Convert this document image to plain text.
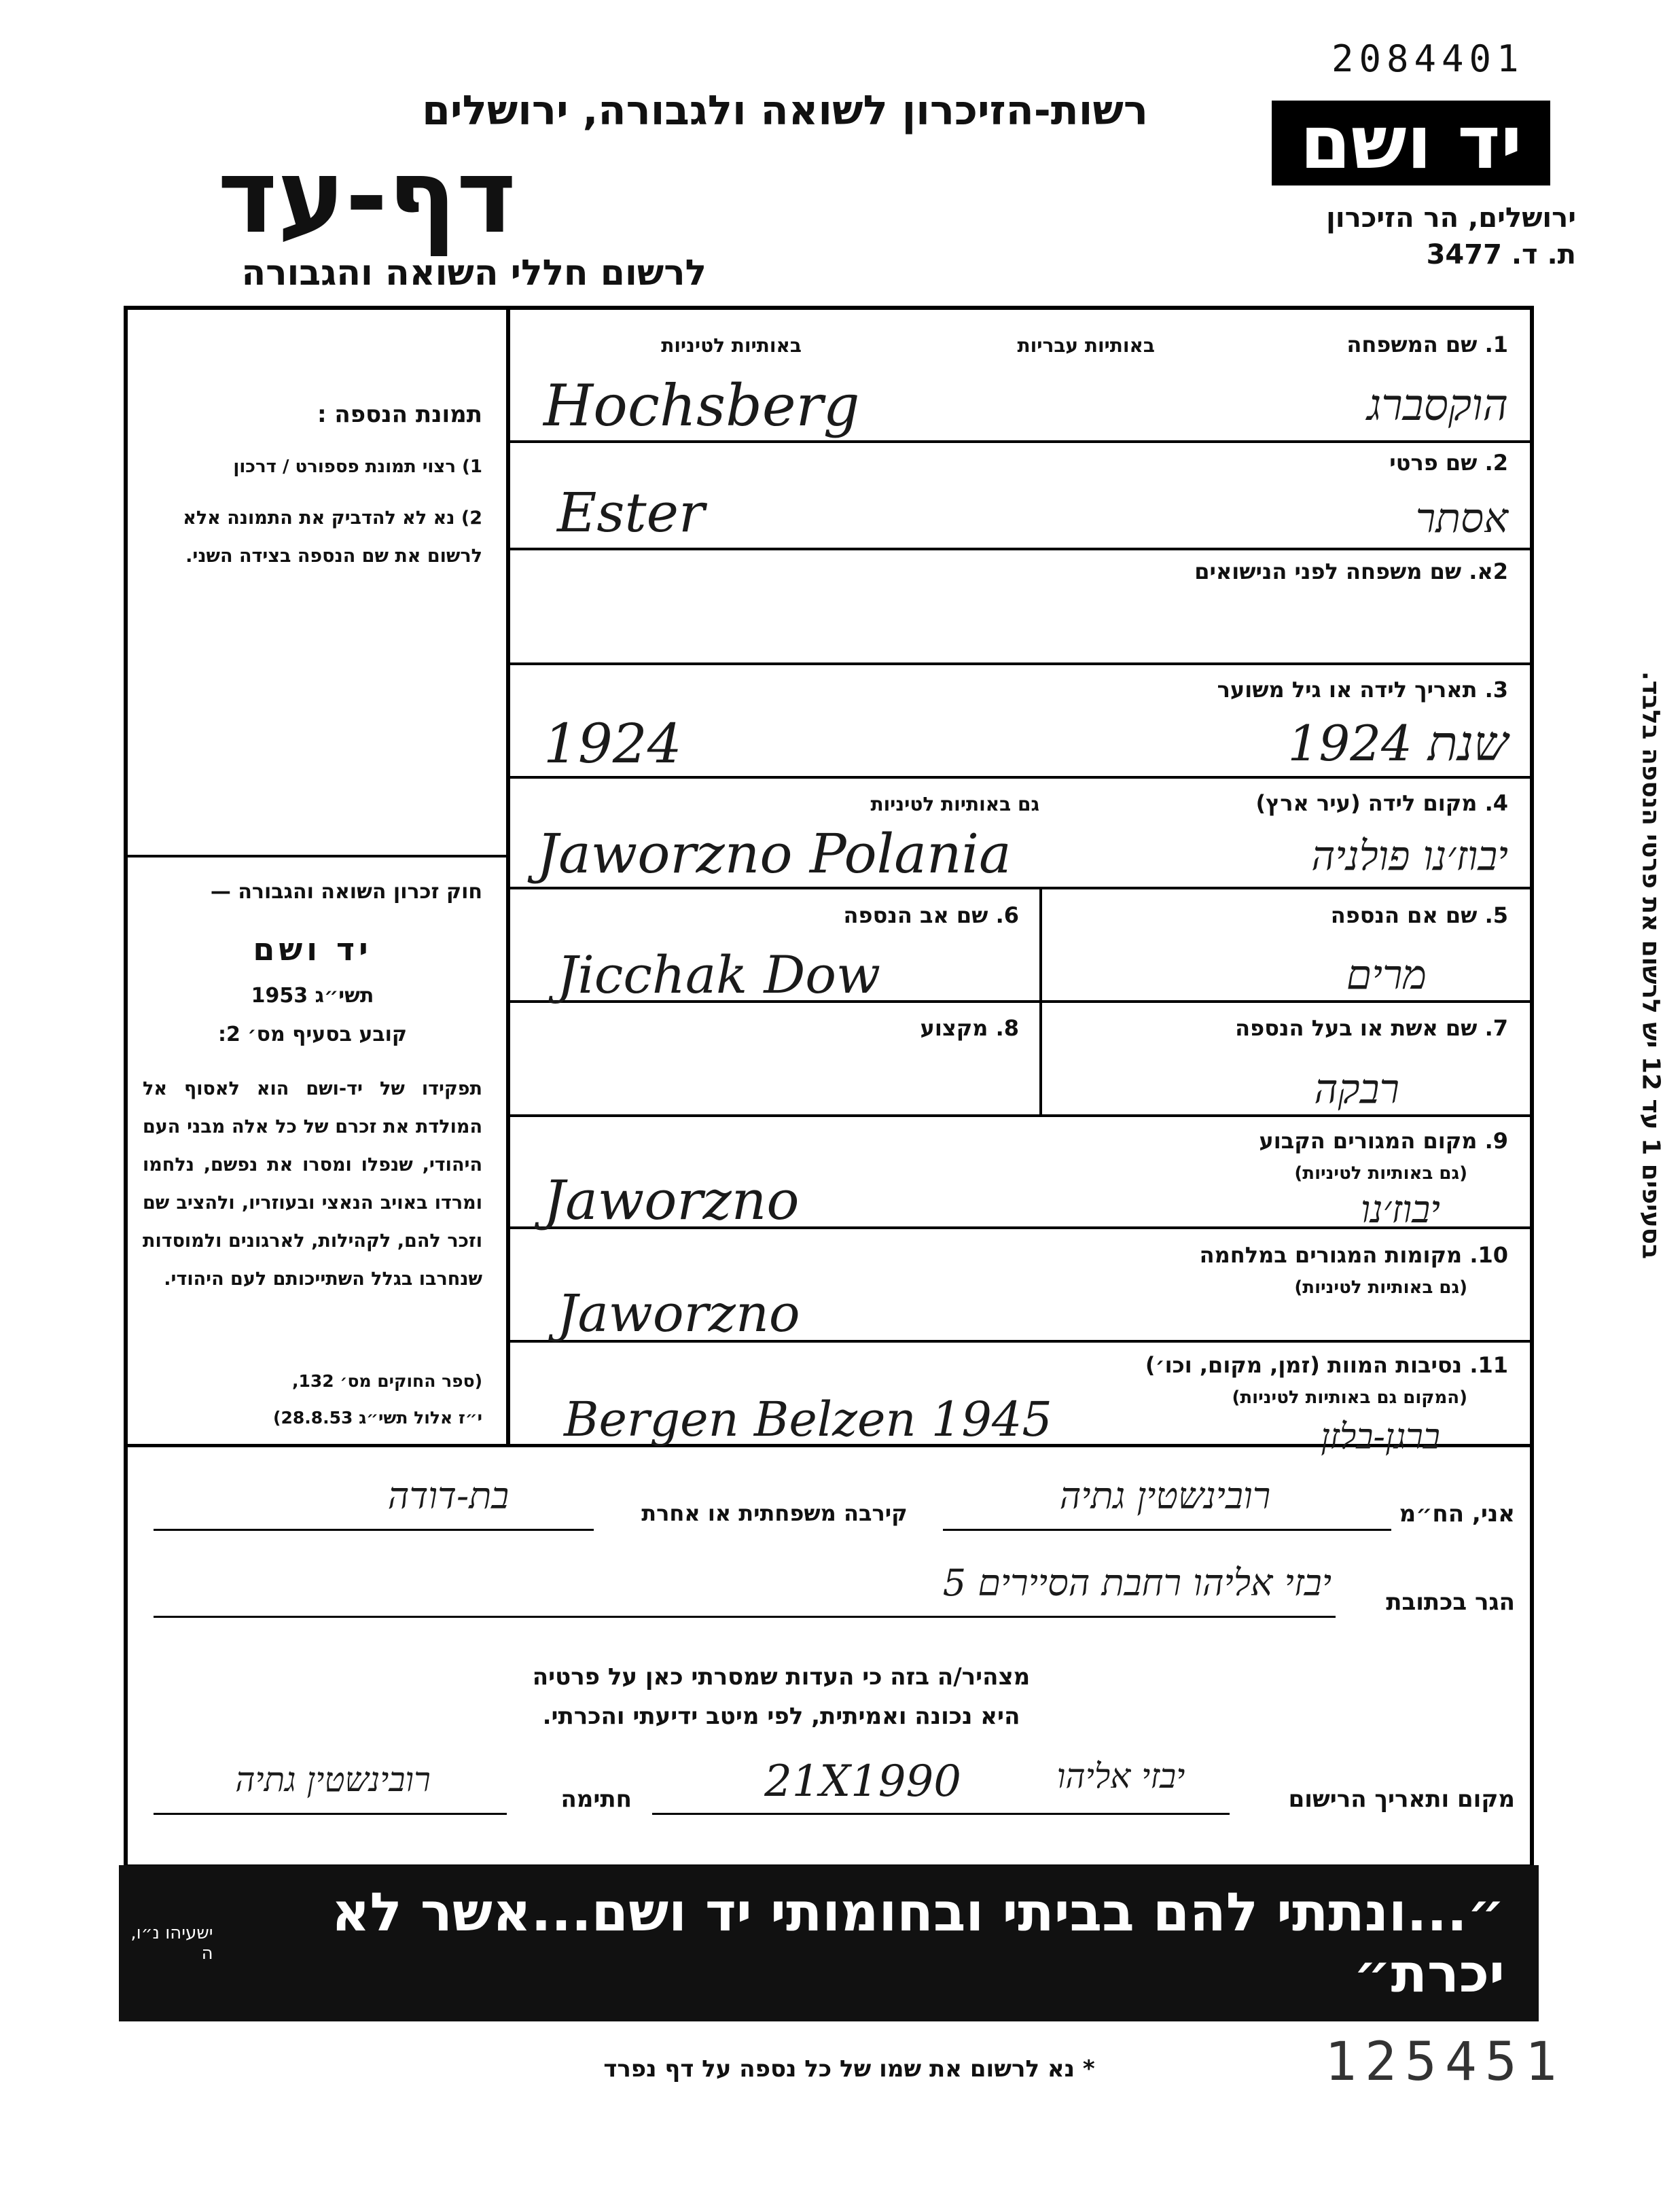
2084401
רשות-הזיכרון לשואה ולגבורה, ירושלים
דף-עד
לרשום חללי השואה והגבורה
יד ושם
ירושלים, הר הזיכרון
ת. ד. 3477
תמונת הנספה :
1) רצוי תמונת פספורט / דרכון
2) נא לא להדביק את התמונה אלא לרשום את שם הנספה בצידה השני.
חוק זכרון השואה והגבורה —
יד ושם
תשי״ג 1953
קובע בסעיף מס׳ 2:
תפקידו של יד-ושם הוא לאסוף אל המולדת את זכרם של כל אלה מבני העם היהודי, שנפלו ומסרו את נפשם, נלחמו ומרדו באויב הנאצי ובעוזריו, ולהציב שם וזכר להם, לקהילות, לארגונים ולמוסדות שנחרבו בגלל השתייכותם לעם היהודי.
(ספר החוקים מס׳ 132,
י״ז אלול תשי״ג 28.8.53)
1. שם המשפחה
באותיות עבריות
באותיות לטיניות
הוקסברג
Hochsberg
2. שם פרטי
אסתר
Ester
2א. שם משפחה לפני הנישואים
3. תאריך לידה או גיל משוער
שנת 1924
1924
4. מקום לידה (עיר ארץ)
גם באותיות לטיניות
יבוז׳נו פולניה
Jaworzno Polania
5. שם אם הנספה
מרים
6. שם אב הנספה
Jicchak Dow
7. שם אשת או בעל הנספה
רבקה
8. מקצוע
9. מקום המגורים הקבוע
(גם באותיות לטיניות)
יבוז׳נו
Jaworzno
10. מקומות המגורים במלחמה
(גם באותיות לטיניות)
Jaworzno
11. נסיבות המוות (זמן, מקום, וכו׳)
(המקום גם באותיות לטיניות)
ברגן-בלזן
Bergen Belzen 1945
אני, הח״מ
רובינשטין גתיה
קירבה משפחתית או אחרת
בת-דודה
הגר בכתובת
יבזי אליהו רחבת הסיירים 5
מצהיר/ה בזה כי העדות שמסרתי כאן על פרטיה
היא נכונה ואמיתית, לפי מיטב ידיעתי והכרתי.
מקום ותאריך הרישום
יבזי אליהו
21X1990
חתימה
רובינשטין גתיה
״...ונתתי להם בביתי ובחומותי יד ושם...אשר לא יכרת״
ישעיהו נ״ו, ה
בסעיפים 1 עד 12 יש לרשום את פרטי הנספה בלבד.
* נא לרשום את שמו של כל נספה על דף נפרד	125451
